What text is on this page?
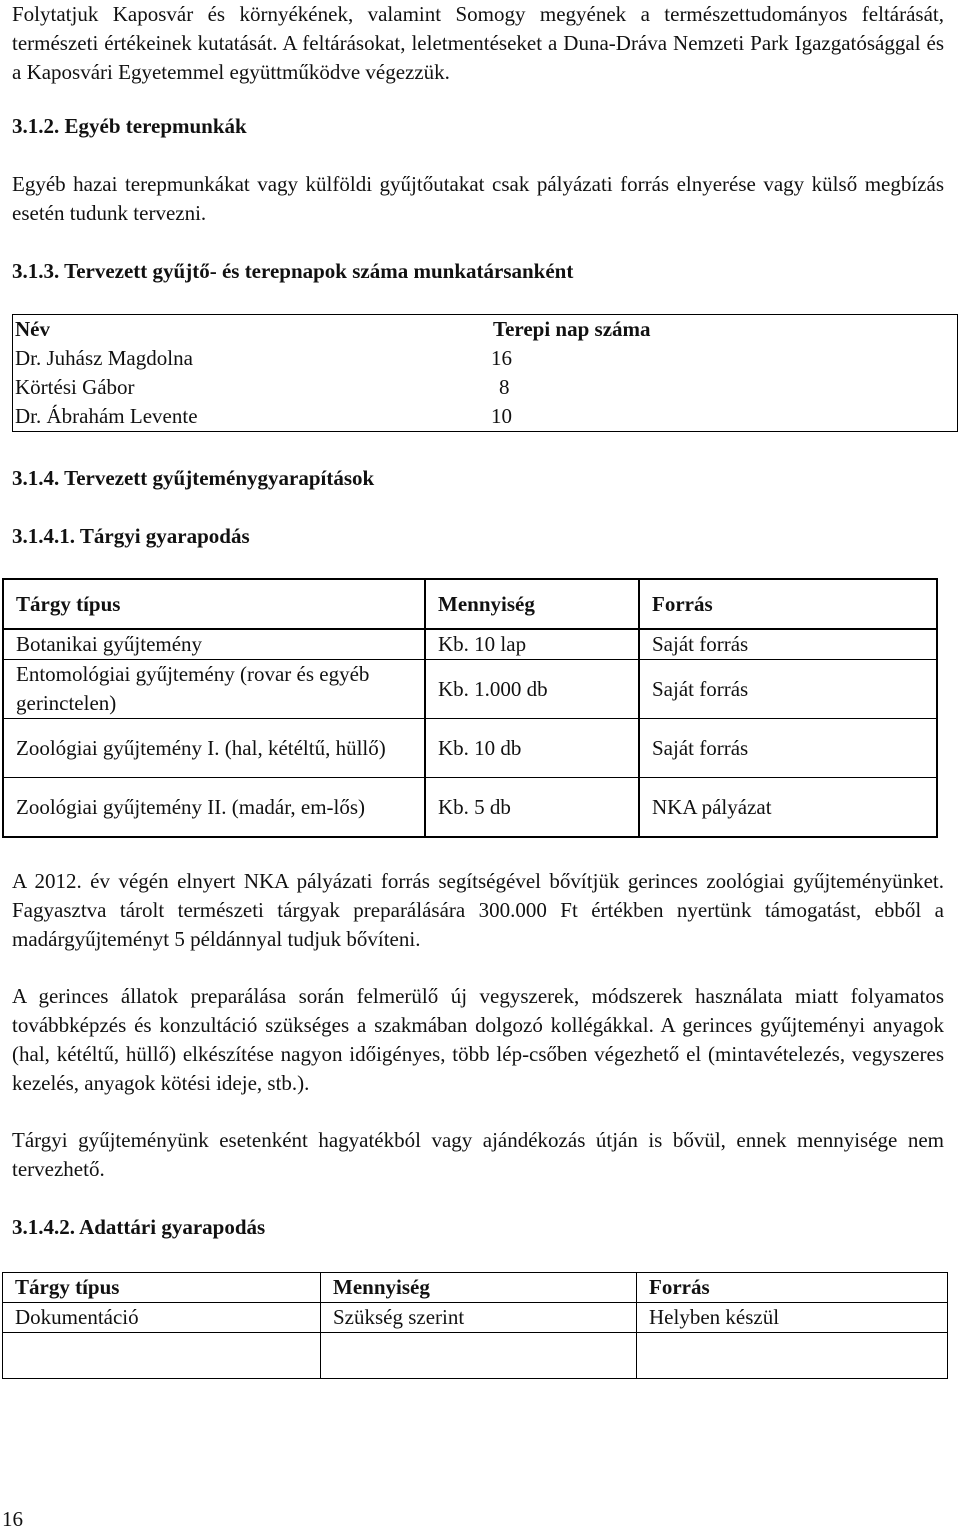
Folytatjuk Kaposvár és környékének, valamint Somogy megyének a természettudományos feltárását, természeti értékeinek kutatását. A feltárásokat, leletmentéseket a Duna-Dráva Nemzeti Park Igazgatósággal és a Kaposvári Egyetemmel együttműködve végezzük.

3.1.2. Egyéb terepmunkák

Egyéb hazai terepmunkákat vagy külföldi gyűjtőutakat csak pályázati forrás elnyerése vagy külső megbízás esetén tudunk tervezni.

3.1.3. Tervezett gyűjtő- és terepnapok száma munkatársanként
Név	Terepi nap száma
Dr. Juhász Magdolna	16
Körtési Gábor	8
Dr. Ábrahám Levente	10
3.1.4. Tervezett gyűjteménygyarapítások
3.1.4.1. Tárgyi gyarapodás
Tárgy típus	Mennyiség	Forrás
Botanikai gyűjtemény	Kb. 10 lap	Saját forrás
Entomológiai gyűjtemény (rovar és egyéb gerinctelen)	Kb. 1.000 db	Saját forrás
Zoológiai gyűjtemény I. (hal, kétéltű, hüllő)	Kb. 10 db	Saját forrás
Zoológiai gyűjtemény II. (madár, em-lős)	Kb. 5 db	NKA pályázat

A 2012. év végén elnyert NKA pályázati forrás segítségével bővítjük gerinces zoológiai gyűjteményünket. Fagyasztva tárolt természeti tárgyak preparálására 300.000 Ft értékben nyertünk támogatást, ebből a madárgyűjteményt 5 példánnyal tudjuk bővíteni.

A gerinces állatok preparálása során felmerülő új vegyszerek, módszerek használata miatt folyamatos továbbképzés és konzultáció szükséges a szakmában dolgozó kollégákkal. A gerinces gyűjteményi anyagok (hal, kétéltű, hüllő) elkészítése nagyon időigényes, több lép-csőben végezhető el (mintavételezés, vegyszeres kezelés, anyagok kötési ideje, stb.).

Tárgyi gyűjteményünk esetenként hagyatékból vagy ajándékozás útján is bővül, ennek mennyisége nem tervezhető.

3.1.4.2. Adattári gyarapodás
Tárgy típus	Mennyiség	Forrás
Dokumentáció	Szükség szerint	Helyben készül

16
